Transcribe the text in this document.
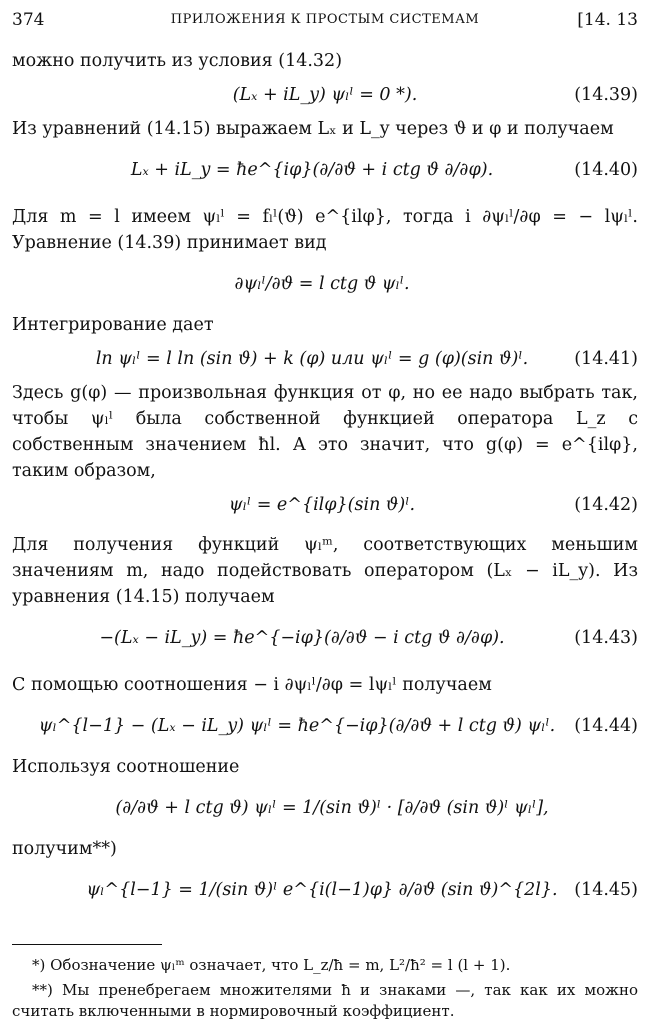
374	ПРИЛОЖЕНИЯ К ПРОСТЫМ СИСТЕМАМ	[14. 13

можно получить из условия (14.32)

(Lₓ + iL_y) ψₗˡ = 0 *).	(14.39)

Из уравнений (14.15) выражаем Lₓ и L_y через ϑ и φ и получаем

Lₓ + iL_y = ħe^{iφ}(∂/∂ϑ + i ctg ϑ ∂/∂φ).	(14.40)

Для m = l имеем ψₗˡ = fₗˡ(ϑ) e^{ilφ}, тогда i ∂ψₗˡ/∂φ = − lψₗˡ. Уравнение (14.39) принимает вид

∂ψₗˡ/∂ϑ = l ctg ϑ ψₗˡ.

Интегрирование дает

ln ψₗˡ = l ln (sin ϑ) + k (φ) или ψₗˡ = g (φ)(sin ϑ)ˡ.	(14.41)

Здесь g(φ) — произвольная функция от φ, но ее надо выбрать так, чтобы ψₗˡ была собственной функцией оператора L_z с собственным значением ħl. А это значит, что g(φ) = e^{ilφ}, таким образом,

ψₗˡ = e^{ilφ}(sin ϑ)ˡ.	(14.42)

Для получения функций ψₗᵐ, соответствующих меньшим значениям m, надо подействовать оператором (Lₓ − iL_y). Из уравнения (14.15) получаем

−(Lₓ − iL_y) = ħe^{−iφ}(∂/∂ϑ − i ctg ϑ ∂/∂φ).	(14.43)

С помощью соотношения − i ∂ψₗˡ/∂φ = lψₗˡ получаем

ψₗ^{l−1} − (Lₓ − iL_y) ψₗˡ = ħe^{−iφ}(∂/∂ϑ + l ctg ϑ) ψₗˡ. (14.44)

Используя соотношение

(∂/∂ϑ + l ctg ϑ) ψₗˡ = 1/(sin ϑ)ˡ · [∂/∂ϑ (sin ϑ)ˡ ψₗˡ],

получим**)

ψₗ^{l−1} = 1/(sin ϑ)ˡ e^{i(l−1)φ} ∂/∂ϑ (sin ϑ)^{2l}. (14.45)

*) Обозначение ψₗᵐ означает, что L_z/ħ = m, L²/ħ² = l (l + 1).

**) Мы пренебрегаем множителями ħ и знаками —, так как их можно считать включенными в нормировочный коэффициент.
